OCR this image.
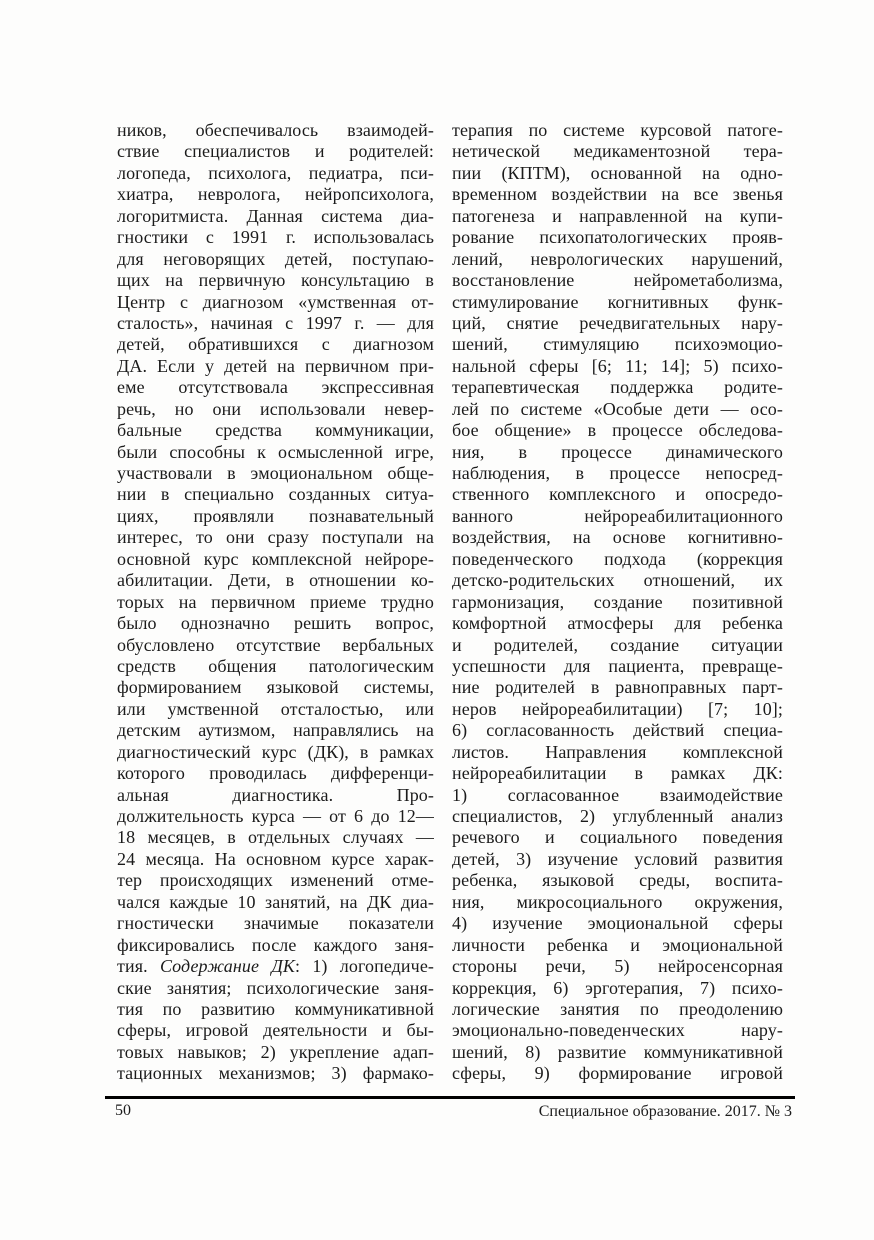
ников, обеспечивалось взаимодей-
ствие специалистов и родителей:
логопеда, психолога, педиатра, пси-
хиатра, невролога, нейропсихолога,
логоритмиста. Данная система диа-
гностики с 1991 г. использовалась
для неговорящих детей, поступаю-
щих на первичную консультацию в
Центр с диагнозом «умственная от-
сталость», начиная с 1997 г. — для
детей, обратившихся с диагнозом
ДА. Если у детей на первичном при-
еме отсутствовала экспрессивная
речь, но они использовали невер-
бальные средства коммуникации,
были способны к осмысленной игре,
участвовали в эмоциональном обще-
нии в специально созданных ситуа-
циях, проявляли познавательный
интерес, то они сразу поступали на
основной курс комплексной нейроре-
абилитации. Дети, в отношении ко-
торых на первичном приеме трудно
было однозначно решить вопрос,
обусловлено отсутствие вербальных
средств общения патологическим
формированием языковой системы,
или умственной отсталостью, или
детским аутизмом, направлялись на
диагностический курс (ДК), в рамках
которого проводилась дифференци-
альная диагностика. Про-
должительность курса — от 6 до 12—
18 месяцев, в отдельных случаях —
24 месяца. На основном курсе харак-
тер происходящих изменений отме-
чался каждые 10 занятий, на ДК диа-
гностически значимые показатели
фиксировались после каждого заня-
тия. Содержание ДК: 1) логопедиче-
ские занятия; психологические заня-
тия по развитию коммуникативной
сферы, игровой деятельности и бы-
товых навыков; 2) укрепление адап-
тационных механизмов; 3) фармако-
терапия по системе курсовой патоге-
нетической медикаментозной тера-
пии (КПТМ), основанной на одно-
временном воздействии на все звенья
патогенеза и направленной на купи-
рование психопатологических прояв-
лений, неврологических нарушений,
восстановление нейрометаболизма,
стимулирование когнитивных функ-
ций, снятие речедвигательных нару-
шений, стимуляцию психоэмоцио-
нальной сферы [6; 11; 14]; 5) психо-
терапевтическая поддержка родите-
лей по системе «Особые дети — осо-
бое общение» в процессе обследова-
ния, в процессе динамического
наблюдения, в процессе непосред-
ственного комплексного и опосредо-
ванного нейрореабилитационного
воздействия, на основе когнитивно-
поведенческого подхода (коррекция
детско-родительских отношений, их
гармонизация, создание позитивной
комфортной атмосферы для ребенка
и родителей, создание ситуации
успешности для пациента, превраще-
ние родителей в равноправных парт-
неров нейрореабилитации) [7; 10];
6) согласованность действий специа-
листов. Направления комплексной
нейрореабилитации в рамках ДК:
1) согласованное взаимодействие
специалистов, 2) углубленный анализ
речевого и социального поведения
детей, 3) изучение условий развития
ребенка, языковой среды, воспита-
ния, микросоциального окружения,
4) изучение эмоциональной сферы
личности ребенка и эмоциональной
стороны речи, 5) нейросенсорная
коррекция, 6) эрготерапия, 7) психо-
логические занятия по преодолению
эмоционально-поведенческих нару-
шений, 8) развитие коммуникативной
сферы, 9) формирование игровой
50	Специальное образование. 2017. № 3
